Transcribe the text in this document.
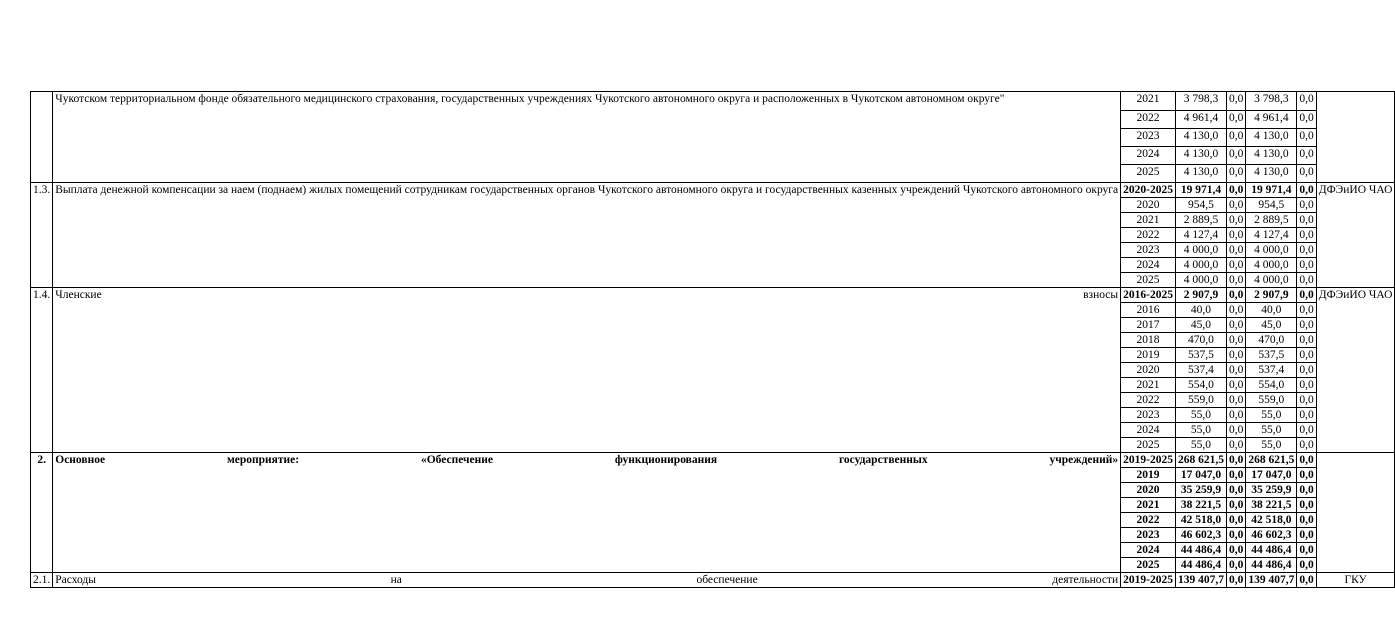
	Чукотском территориальном фонде обязательного медицинского страхования, государственных учреждениях Чукотского автономного округа и расположенных в Чукотском автономном округе"	2021	3 798,3	0,0	3 798,3	0,0	
		2022	4 961,4	0,0	4 961,4	0,0	
		2023	4 130,0	0,0	4 130,0	0,0	
		2024	4 130,0	0,0	4 130,0	0,0	
		2025	4 130,0	0,0	4 130,0	0,0	
1.3.	Выплата денежной компенсации за наем (поднаем) жилых помещений сотрудникам государственных органов Чукотского автономного округа и государственных казенных учреждений Чукотского автономного округа	2020-2025	19 971,4	0,0	19 971,4	0,0	ДФЭиИО ЧАО
		2020	954,5	0,0	954,5	0,0	
		2021	2 889,5	0,0	2 889,5	0,0	
		2022	4 127,4	0,0	4 127,4	0,0	
		2023	4 000,0	0,0	4 000,0	0,0	
		2024	4 000,0	0,0	4 000,0	0,0	
		2025	4 000,0	0,0	4 000,0	0,0	
1.4.	Членские взносы	2016-2025	2 907,9	0,0	2 907,9	0,0	ДФЭиИО ЧАО
		2016	40,0	0,0	40,0	0,0	
		2017	45,0	0,0	45,0	0,0	
		2018	470,0	0,0	470,0	0,0	
		2019	537,5	0,0	537,5	0,0	
		2020	537,4	0,0	537,4	0,0	
		2021	554,0	0,0	554,0	0,0	
		2022	559,0	0,0	559,0	0,0	
		2023	55,0	0,0	55,0	0,0	
		2024	55,0	0,0	55,0	0,0	
		2025	55,0	0,0	55,0	0,0	
2.	Основное мероприятие: «Обеспечение функционирования государственных учреждений»	2019-2025	268 621,5	0,0	268 621,5	0,0	
		2019	17 047,0	0,0	17 047,0	0,0	
		2020	35 259,9	0,0	35 259,9	0,0	
		2021	38 221,5	0,0	38 221,5	0,0	
		2022	42 518,0	0,0	42 518,0	0,0	
		2023	46 602,3	0,0	46 602,3	0,0	
		2024	44 486,4	0,0	44 486,4	0,0	
		2025	44 486,4	0,0	44 486,4	0,0	
2.1.	Расходы на обеспечение деятельности	2019-2025	139 407,7	0,0	139 407,7	0,0	ГКУ
